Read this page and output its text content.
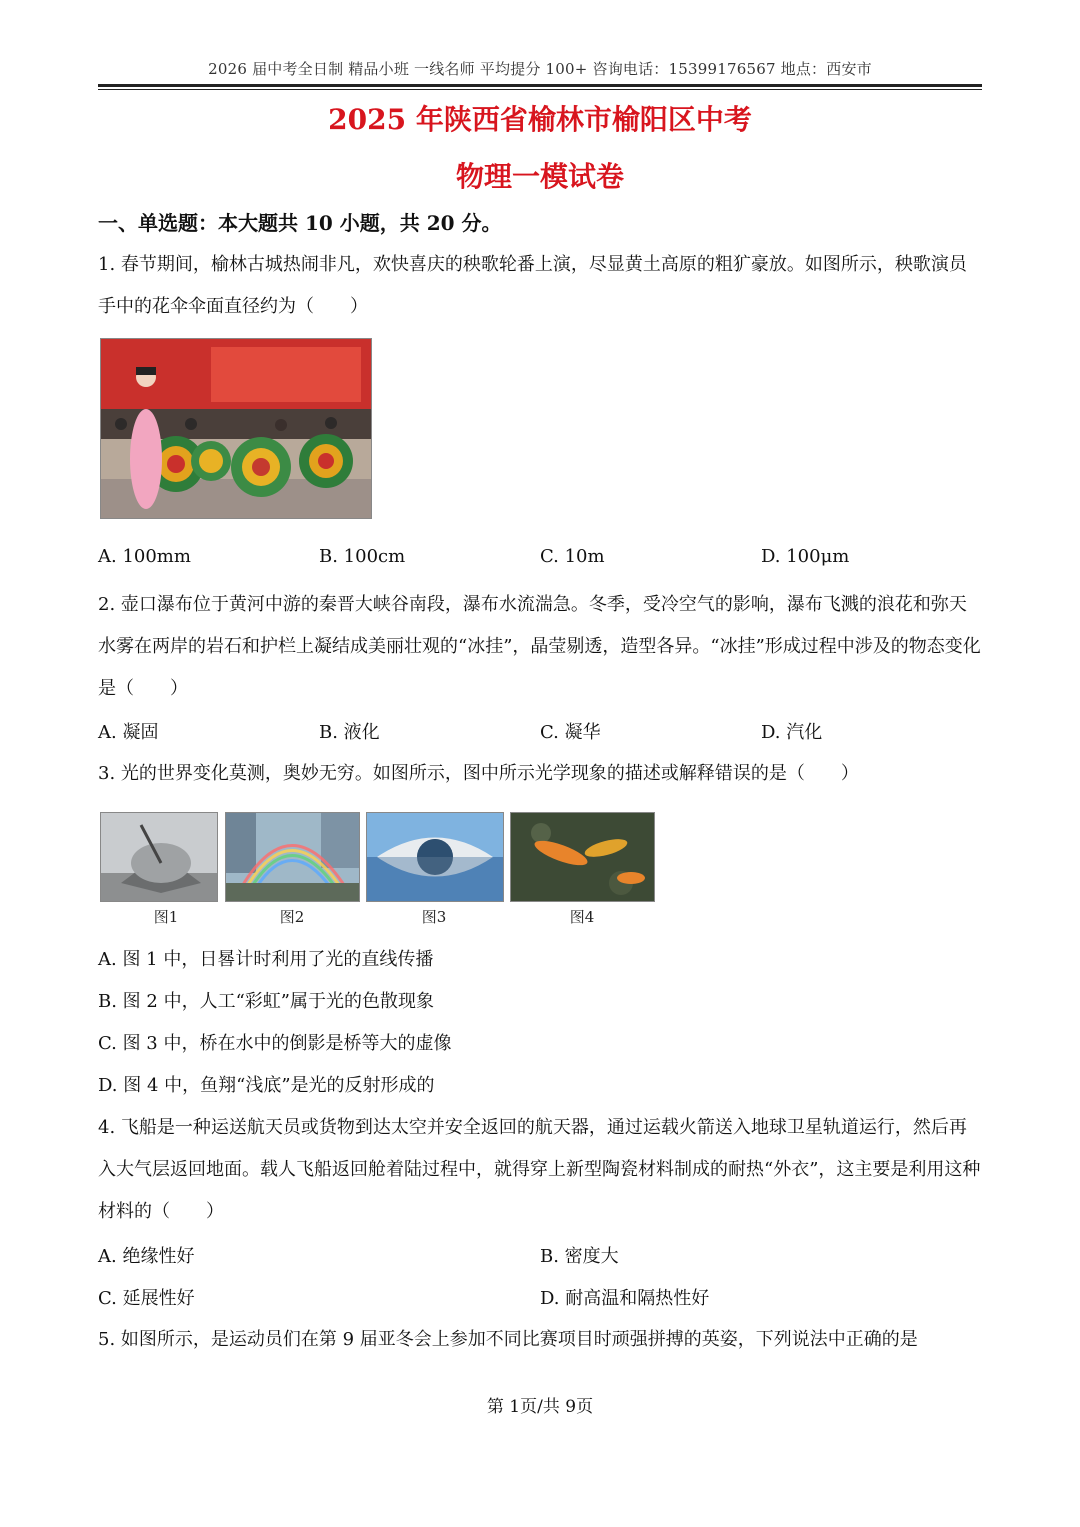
2026 届中考全日制 精品小班 一线名师 平均提分 100+ 咨询电话：15399176567 地点：西安市
2025 年陕西省榆林市榆阳区中考
物理一模试卷
一、单选题：本大题共 10 小题，共 20 分。
1. 春节期间，榆林古城热闹非凡，欢快喜庆的秧歌轮番上演，尽显黄土高原的粗犷豪放。如图所示，秧歌演员手中的花伞伞面直径约为（　　）
A. 100mm	B. 100cm	C. 10m	D. 100μm
2. 壶口瀑布位于黄河中游的秦晋大峡谷南段，瀑布水流湍急。冬季，受冷空气的影响，瀑布飞溅的浪花和弥天水雾在两岸的岩石和护栏上凝结成美丽壮观的“冰挂”，晶莹剔透，造型各异。“冰挂”形成过程中涉及的物态变化是（　　）
A. 凝固	B. 液化	C. 凝华	D. 汽化
3. 光的世界变化莫测，奥妙无穷。如图所示，图中所示光学现象的描述或解释错误的是（　　）
图1	图2	图3	图4
A. 图 1 中，日晷计时利用了光的直线传播
B. 图 2 中，人工“彩虹”属于光的色散现象
C. 图 3 中，桥在水中的倒影是桥等大的虚像
D. 图 4 中，鱼翔“浅底”是光的反射形成的
4. 飞船是一种运送航天员或货物到达太空并安全返回的航天器，通过运载火箭送入地球卫星轨道运行，然后再入大气层返回地面。载人飞船返回舱着陆过程中，就得穿上新型陶瓷材料制成的耐热“外衣”，这主要是利用这种材料的（　　）
A. 绝缘性好	B. 密度大
C. 延展性好	D. 耐高温和隔热性好
5. 如图所示，是运动员们在第 9 届亚冬会上参加不同比赛项目时顽强拼搏的英姿，下列说法中正确的是
第 1页/共 9页
